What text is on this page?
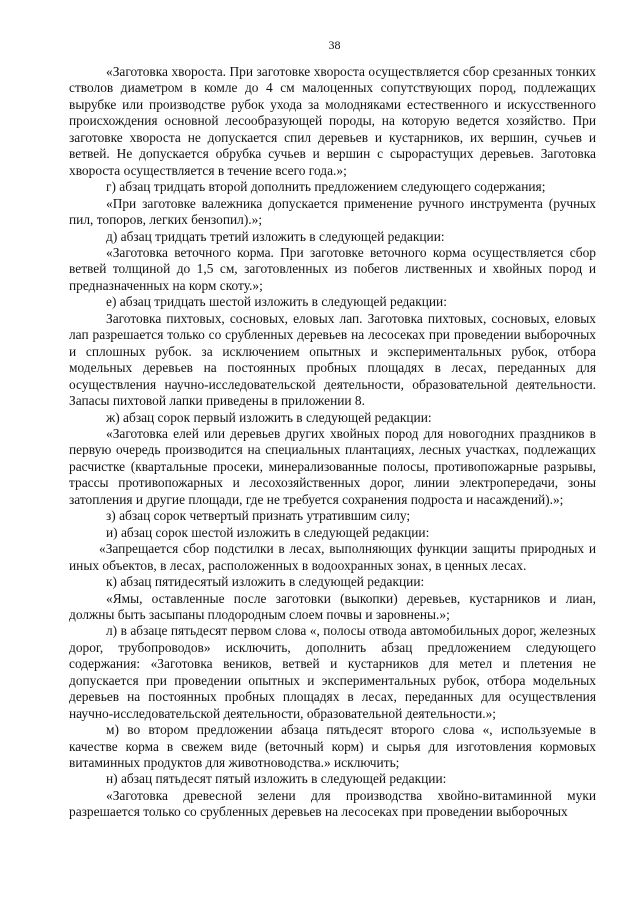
38

«Заготовка хвороста. При заготовке хвороста осуществляется сбор срезанных тонких стволов диаметром в комле до 4 см малоценных сопутствующих пород, подлежащих вырубке или производстве рубок ухода за молодняками естественного и искусственного происхождения основной лесообразующей породы, на которую ведется хозяйство. При заготовке хвороста не допускается спил деревьев и кустарников, их вершин, сучьев и ветвей. Не допускается обрубка сучьев и вершин с сырорастущих деревьев. Заготовка хвороста осуществляется в течение всего года.»;

г) абзац тридцать второй дополнить предложением следующего содержания;

«При заготовке валежника допускается применение ручного инструмента (ручных пил, топоров, легких бензопил).»;

д) абзац тридцать третий изложить в следующей редакции:

«Заготовка веточного корма. При заготовке веточного корма осуществляется сбор ветвей толщиной до 1,5 см, заготовленных из побегов лиственных и хвойных пород и предназначенных на корм скоту.»;

е) абзац тридцать шестой изложить в следующей редакции:

Заготовка пихтовых, сосновых, еловых лап. Заготовка пихтовых, сосновых, еловых лап разрешается только со срубленных деревьев на лесосеках при проведении выборочных и сплошных рубок. за исключением опытных и экспериментальных рубок, отбора модельных деревьев на постоянных пробных площадях в лесах, переданных для осуществления научно-исследовательской деятельности, образовательной деятельности. Запасы пихтовой лапки приведены в приложении 8.

ж) абзац сорок первый изложить в следующей редакции:

«Заготовка елей или деревьев других хвойных пород для новогодних праздников в первую очередь производится на специальных плантациях, лесных участках, подлежащих расчистке (квартальные просеки, минерализованные полосы, противопожарные разрывы, трассы противопожарных и лесохозяйственных дорог, линии электропередачи, зоны затопления и другие площади, где не требуется сохранения подроста и насаждений).»;

з) абзац сорок четвертый признать утратившим силу;

и) абзац сорок шестой изложить в следующей редакции:

«Запрещается сбор подстилки в лесах, выполняющих функции защиты природных и иных объектов, в лесах, расположенных в водоохранных зонах, в ценных лесах.

к) абзац пятидесятый изложить в следующей редакции:

«Ямы, оставленные после заготовки (выкопки) деревьев, кустарников и лиан, должны быть засыпаны плодородным слоем почвы и заровнены.»;

л) в абзаце пятьдесят первом слова «, полосы отвода автомобильных дорог, железных дорог, трубопроводов» исключить, дополнить абзац предложением следующего содержания: «Заготовка веников, ветвей и кустарников для метел и плетения не допускается при проведении опытных и экспериментальных рубок, отбора модельных деревьев на постоянных пробных площадях в лесах, переданных для осуществления научно-исследовательской деятельности, образовательной деятельности.»;

м) во втором предложении абзаца пятьдесят второго слова «, используемые в качестве корма в свежем виде (веточный корм) и сырья для изготовления кормовых витаминных продуктов для животноводства.» исключить;

н) абзац пятьдесят пятый изложить в следующей редакции:

«Заготовка древесной зелени для производства хвойно-витаминной муки разрешается только со срубленных деревьев на лесосеках при проведении выборочных
